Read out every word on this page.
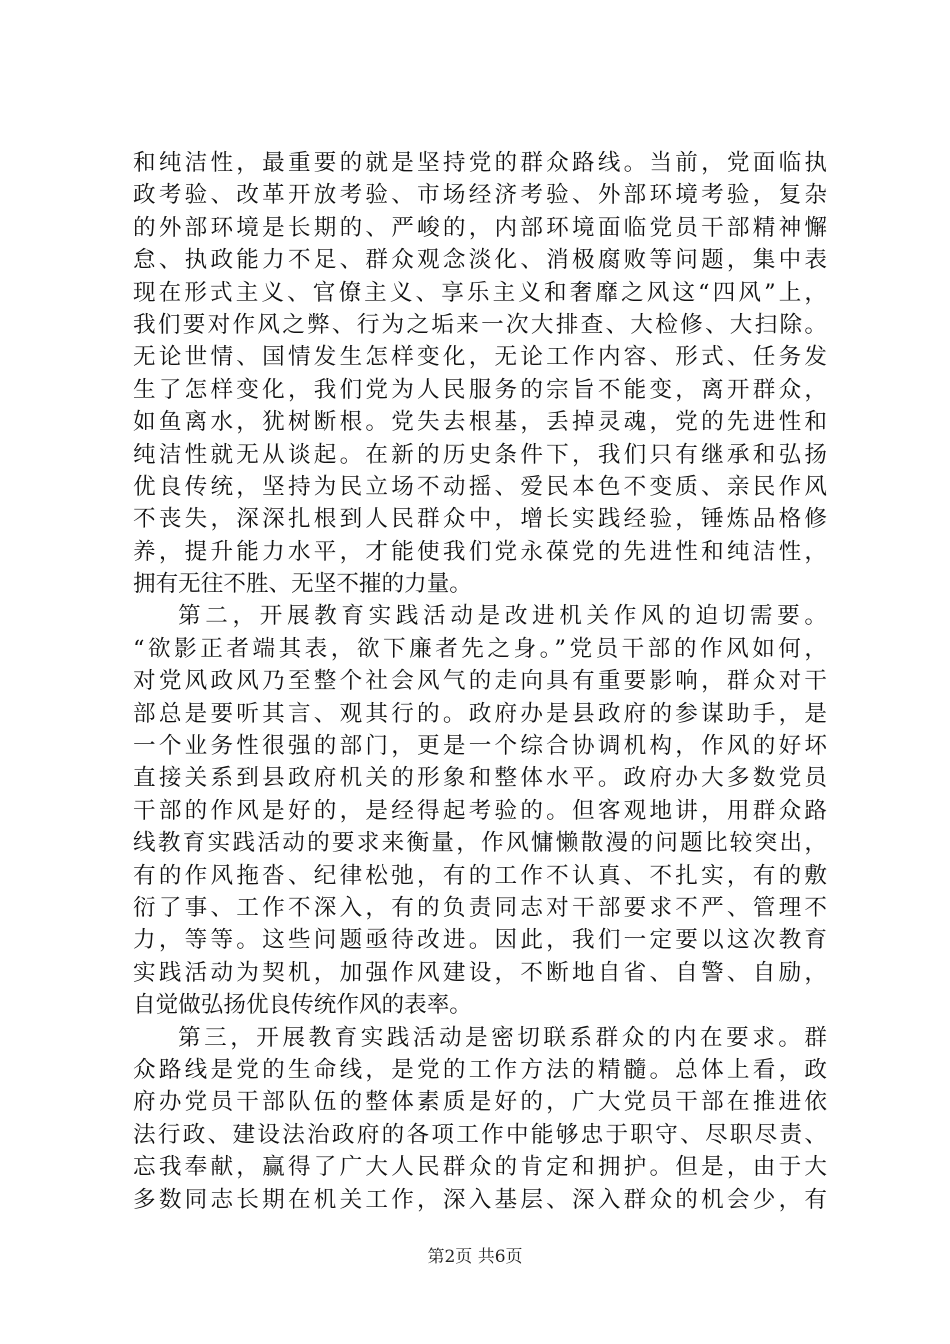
和纯洁性，最重要的就是坚持党的群众路线。当前，党面临执
政考验、改革开放考验、市场经济考验、外部环境考验，复杂
的外部环境是长期的、严峻的，内部环境面临党员干部精神懈
怠、执政能力不足、群众观念淡化、消极腐败等问题，集中表
现在形式主义、官僚主义、享乐主义和奢靡之风这“四风”上，
我们要对作风之弊、行为之垢来一次大排查、大检修、大扫除。
无论世情、国情发生怎样变化，无论工作内容、形式、任务发
生了怎样变化，我们党为人民服务的宗旨不能变，离开群众，
如鱼离水，犹树断根。党失去根基，丢掉灵魂，党的先进性和
纯洁性就无从谈起。在新的历史条件下，我们只有继承和弘扬
优良传统，坚持为民立场不动摇、爱民本色不变质、亲民作风
不丧失，深深扎根到人民群众中，增长实践经验，锤炼品格修
养，提升能力水平，才能使我们党永葆党的先进性和纯洁性，
拥有无往不胜、无坚不摧的力量。
第二，开展教育实践活动是改进机关作风的迫切需要。
“欲影正者端其表，欲下廉者先之身。”党员干部的作风如何，
对党风政风乃至整个社会风气的走向具有重要影响，群众对干
部总是要听其言、观其行的。政府办是县政府的参谋助手，是
一个业务性很强的部门，更是一个综合协调机构，作风的好坏
直接关系到县政府机关的形象和整体水平。政府办大多数党员
干部的作风是好的，是经得起考验的。但客观地讲，用群众路
线教育实践活动的要求来衡量，作风慵懒散漫的问题比较突出，
有的作风拖沓、纪律松弛，有的工作不认真、不扎实，有的敷
衍了事、工作不深入，有的负责同志对干部要求不严、管理不
力，等等。这些问题亟待改进。因此，我们一定要以这次教育
实践活动为契机，加强作风建设，不断地自省、自警、自励，
自觉做弘扬优良传统作风的表率。
第三，开展教育实践活动是密切联系群众的内在要求。群
众路线是党的生命线，是党的工作方法的精髓。总体上看，政
府办党员干部队伍的整体素质是好的，广大党员干部在推进依
法行政、建设法治政府的各项工作中能够忠于职守、尽职尽责、
忘我奉献，赢得了广大人民群众的肯定和拥护。但是，由于大
多数同志长期在机关工作，深入基层、深入群众的机会少，有
第2页 共6页
